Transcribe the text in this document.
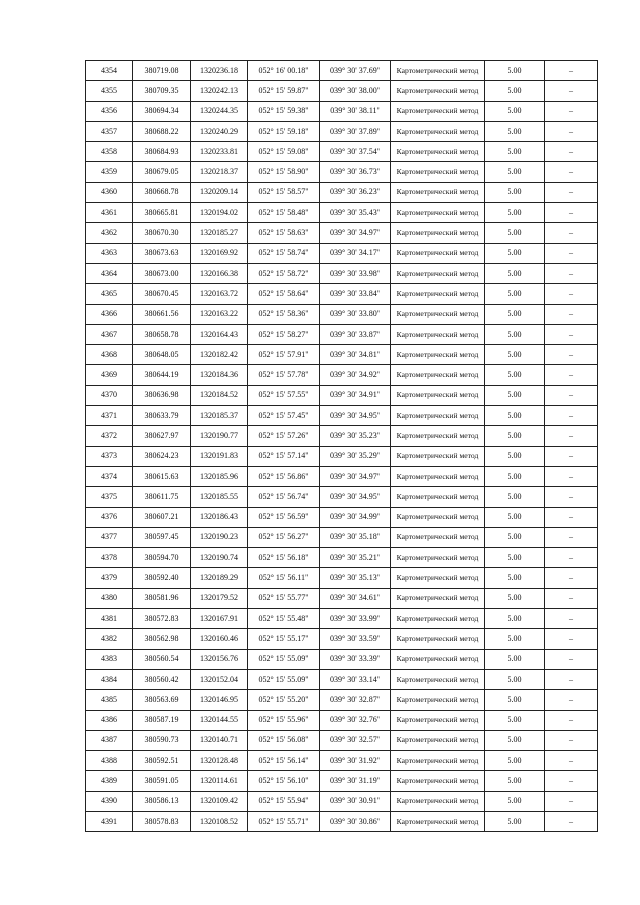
4354	380719.08	1320236.18	052° 16' 00.18"	039° 30' 37.69"	Картометрический метод	5.00	–
4355	380709.35	1320242.13	052° 15' 59.87"	039° 30' 38.00"	Картометрический метод	5.00	–
4356	380694.34	1320244.35	052° 15' 59.38"	039° 30' 38.11"	Картометрический метод	5.00	–
4357	380688.22	1320240.29	052° 15' 59.18"	039° 30' 37.89"	Картометрический метод	5.00	–
4358	380684.93	1320233.81	052° 15' 59.08"	039° 30' 37.54"	Картометрический метод	5.00	–
4359	380679.05	1320218.37	052° 15' 58.90"	039° 30' 36.73"	Картометрический метод	5.00	–
4360	380668.78	1320209.14	052° 15' 58.57"	039° 30' 36.23"	Картометрический метод	5.00	–
4361	380665.81	1320194.02	052° 15' 58.48"	039° 30' 35.43"	Картометрический метод	5.00	–
4362	380670.30	1320185.27	052° 15' 58.63"	039° 30' 34.97"	Картометрический метод	5.00	–
4363	380673.63	1320169.92	052° 15' 58.74"	039° 30' 34.17"	Картометрический метод	5.00	–
4364	380673.00	1320166.38	052° 15' 58.72"	039° 30' 33.98"	Картометрический метод	5.00	–
4365	380670.45	1320163.72	052° 15' 58.64"	039° 30' 33.84"	Картометрический метод	5.00	–
4366	380661.56	1320163.22	052° 15' 58.36"	039° 30' 33.80"	Картометрический метод	5.00	–
4367	380658.78	1320164.43	052° 15' 58.27"	039° 30' 33.87"	Картометрический метод	5.00	–
4368	380648.05	1320182.42	052° 15' 57.91"	039° 30' 34.81"	Картометрический метод	5.00	–
4369	380644.19	1320184.36	052° 15' 57.78"	039° 30' 34.92"	Картометрический метод	5.00	–
4370	380636.98	1320184.52	052° 15' 57.55"	039° 30' 34.91"	Картометрический метод	5.00	–
4371	380633.79	1320185.37	052° 15' 57.45"	039° 30' 34.95"	Картометрический метод	5.00	–
4372	380627.97	1320190.77	052° 15' 57.26"	039° 30' 35.23"	Картометрический метод	5.00	–
4373	380624.23	1320191.83	052° 15' 57.14"	039° 30' 35.29"	Картометрический метод	5.00	–
4374	380615.63	1320185.96	052° 15' 56.86"	039° 30' 34.97"	Картометрический метод	5.00	–
4375	380611.75	1320185.55	052° 15' 56.74"	039° 30' 34.95"	Картометрический метод	5.00	–
4376	380607.21	1320186.43	052° 15' 56.59"	039° 30' 34.99"	Картометрический метод	5.00	–
4377	380597.45	1320190.23	052° 15' 56.27"	039° 30' 35.18"	Картометрический метод	5.00	–
4378	380594.70	1320190.74	052° 15' 56.18"	039° 30' 35.21"	Картометрический метод	5.00	–
4379	380592.40	1320189.29	052° 15' 56.11"	039° 30' 35.13"	Картометрический метод	5.00	–
4380	380581.96	1320179.52	052° 15' 55.77"	039° 30' 34.61"	Картометрический метод	5.00	–
4381	380572.83	1320167.91	052° 15' 55.48"	039° 30' 33.99"	Картометрический метод	5.00	–
4382	380562.98	1320160.46	052° 15' 55.17"	039° 30' 33.59"	Картометрический метод	5.00	–
4383	380560.54	1320156.76	052° 15' 55.09"	039° 30' 33.39"	Картометрический метод	5.00	–
4384	380560.42	1320152.04	052° 15' 55.09"	039° 30' 33.14"	Картометрический метод	5.00	–
4385	380563.69	1320146.95	052° 15' 55.20"	039° 30' 32.87"	Картометрический метод	5.00	–
4386	380587.19	1320144.55	052° 15' 55.96"	039° 30' 32.76"	Картометрический метод	5.00	–
4387	380590.73	1320140.71	052° 15' 56.08"	039° 30' 32.57"	Картометрический метод	5.00	–
4388	380592.51	1320128.48	052° 15' 56.14"	039° 30' 31.92"	Картометрический метод	5.00	–
4389	380591.05	1320114.61	052° 15' 56.10"	039° 30' 31.19"	Картометрический метод	5.00	–
4390	380586.13	1320109.42	052° 15' 55.94"	039° 30' 30.91"	Картометрический метод	5.00	–
4391	380578.83	1320108.52	052° 15' 55.71"	039° 30' 30.86"	Картометрический метод	5.00	–
